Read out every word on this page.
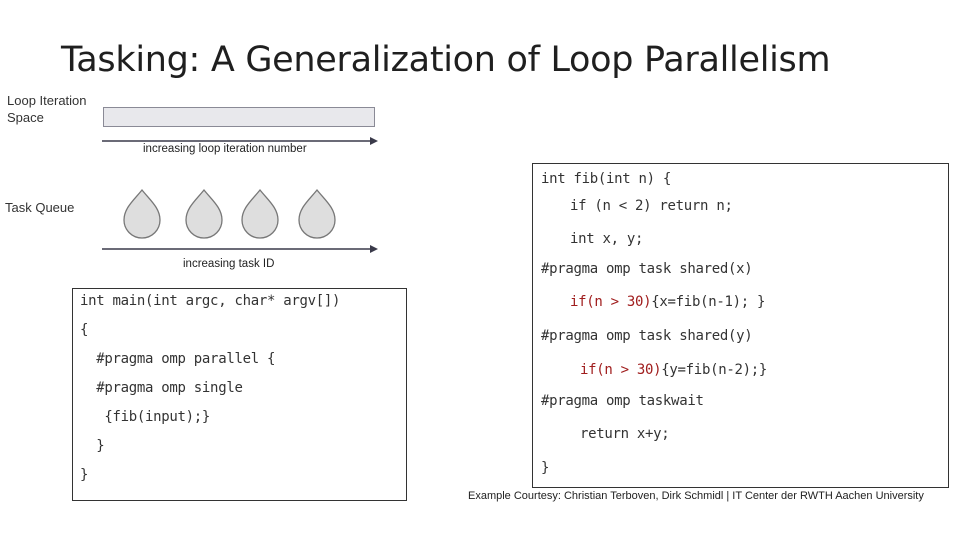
Tasking: A Generalization of Loop Parallelism
Loop Iteration Space
increasing loop iteration number
Task Queue
increasing task ID
int main(int argc, char* argv[])
{
#pragma omp parallel {
#pragma omp single
{fib(input);}
}
}
int fib(int n) {
if (n < 2) return n;
int x, y;
#pragma omp task shared(x)
if(n > 30){x=fib(n-1); }
#pragma omp task shared(y)
if(n > 30){y=fib(n-2);}
#pragma omp taskwait
return x+y;
}
Example Courtesy: Christian Terboven, Dirk Schmidl | IT Center der RWTH Aachen University
